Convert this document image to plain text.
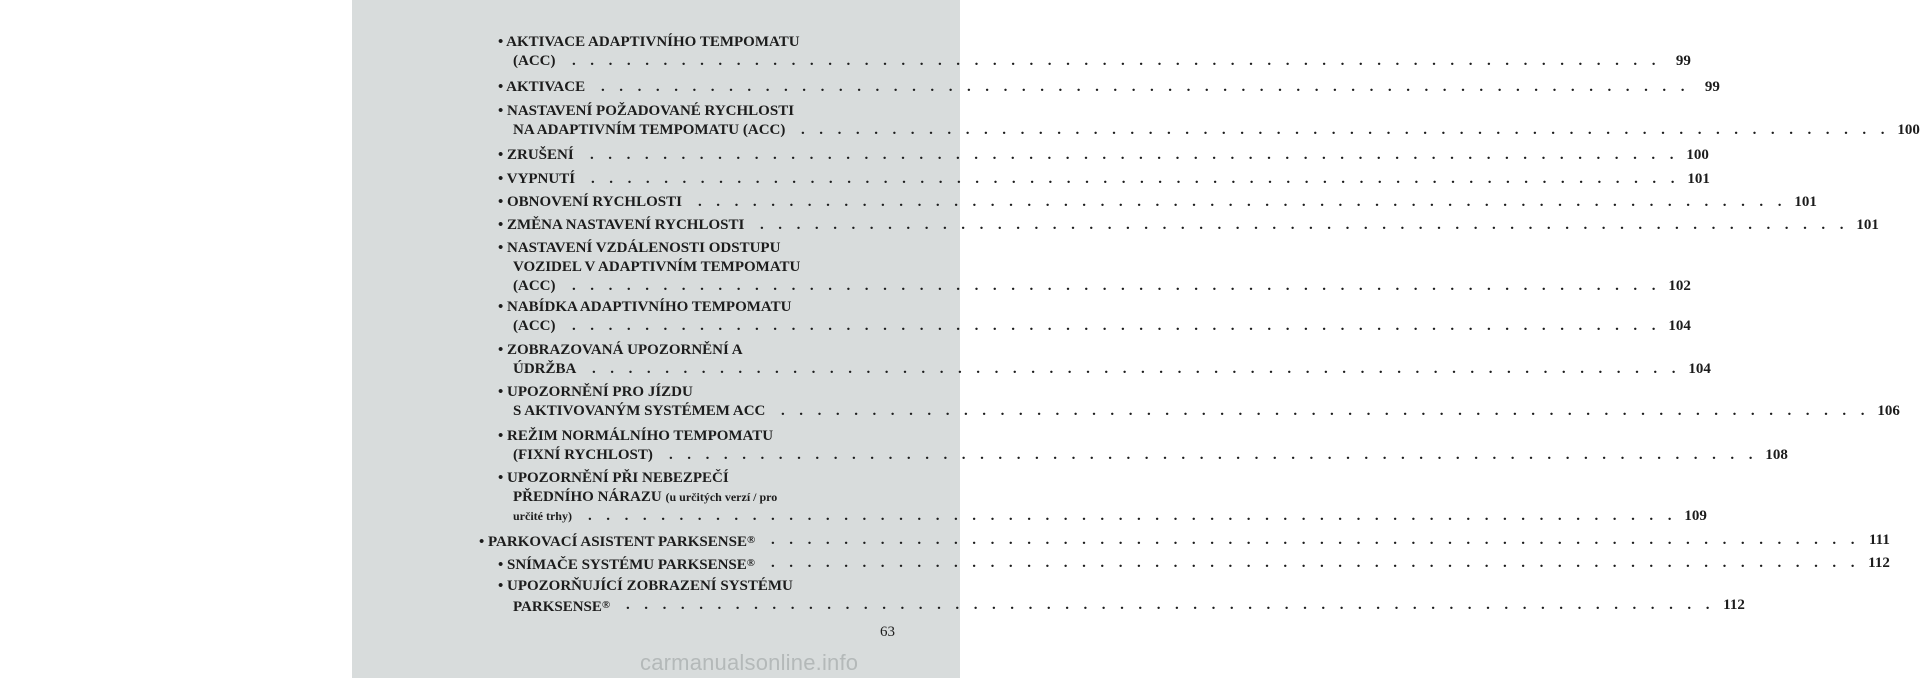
• AKTIVACE ADAPTIVNÍHO TEMPOMATU
(ACC)	. . . . . . . . . . . . . . . . . . . . . . . . . . . . . . . . . . . . . . . . . . . . . . . . . . . . . . . . . . . .	99
• AKTIVACE	. . . . . . . . . . . . . . . . . . . . . . . . . . . . . . . . . . . . . . . . . . . . . . . . . . . . . . . . . . . .	99
• NASTAVENÍ POŽADOVANÉ RYCHLOSTI
NA ADAPTIVNÍM TEMPOMATU (ACC)	. . . . . . . . . . . . . . . . . . . . . . . . . . . . . . . . . . . . . . . . . . . . . . . . . . . . . . . . . . . . 100
• ZRUŠENÍ	. . . . . . . . . . . . . . . . . . . . . . . . . . . . . . . . . . . . . . . . . . . . . . . . . . . . . . . . . . . . 100
• VYPNUTÍ	. . . . . . . . . . . . . . . . . . . . . . . . . . . . . . . . . . . . . . . . . . . . . . . . . . . . . . . . . . . . 101
• OBNOVENÍ RYCHLOSTI	. . . . . . . . . . . . . . . . . . . . . . . . . . . . . . . . . . . . . . . . . . . . . . . . . . . . . . . . . . . . 101
• ZMĚNA NASTAVENÍ RYCHLOSTI	. . . . . . . . . . . . . . . . . . . . . . . . . . . . . . . . . . . . . . . . . . . . . . . . . . . . . . . . . . . . 101
• NASTAVENÍ VZDÁLENOSTI ODSTUPU
VOZIDEL V ADAPTIVNÍM TEMPOMATU
(ACC)	. . . . . . . . . . . . . . . . . . . . . . . . . . . . . . . . . . . . . . . . . . . . . . . . . . . . . . . . . . . . 102
• NABÍDKA ADAPTIVNÍHO TEMPOMATU
(ACC)	. . . . . . . . . . . . . . . . . . . . . . . . . . . . . . . . . . . . . . . . . . . . . . . . . . . . . . . . . . . . 104
• ZOBRAZOVANÁ UPOZORNĚNÍ A
ÚDRŽBA	. . . . . . . . . . . . . . . . . . . . . . . . . . . . . . . . . . . . . . . . . . . . . . . . . . . . . . . . . . . . 104
• UPOZORNĚNÍ PRO JÍZDU
S AKTIVOVANÝM SYSTÉMEM ACC	. . . . . . . . . . . . . . . . . . . . . . . . . . . . . . . . . . . . . . . . . . . . . . . . . . . . . . . . . . . . 106
• REŽIM NORMÁLNÍHO TEMPOMATU
(FIXNÍ RYCHLOST)	. . . . . . . . . . . . . . . . . . . . . . . . . . . . . . . . . . . . . . . . . . . . . . . . . . . . . . . . . . . . 108
• UPOZORNĚNÍ PŘI NEBEZPEČÍ
PŘEDNÍHO NÁRAZU (u určitých verzí / pro
určité trhy)	. . . . . . . . . . . . . . . . . . . . . . . . . . . . . . . . . . . . . . . . . . . . . . . . . . . . . . . . . . . . 109
• PARKOVACÍ ASISTENT PARKSENSE®	. . . . . . . . . . . . . . . . . . . . . . . . . . . . . . . . . . . . . . . . . . . . . . . . . . . . . . . . . . . . 111
• SNÍMAČE SYSTÉMU PARKSENSE®	. . . . . . . . . . . . . . . . . . . . . . . . . . . . . . . . . . . . . . . . . . . . . . . . . . . . . . . . . . . . 112
• UPOZORŇUJÍCÍ ZOBRAZENÍ SYSTÉMU
PARKSENSE®	. . . . . . . . . . . . . . . . . . . . . . . . . . . . . . . . . . . . . . . . . . . . . . . . . . . . . . . . . . . . 112
63
carmanualsonline.info
